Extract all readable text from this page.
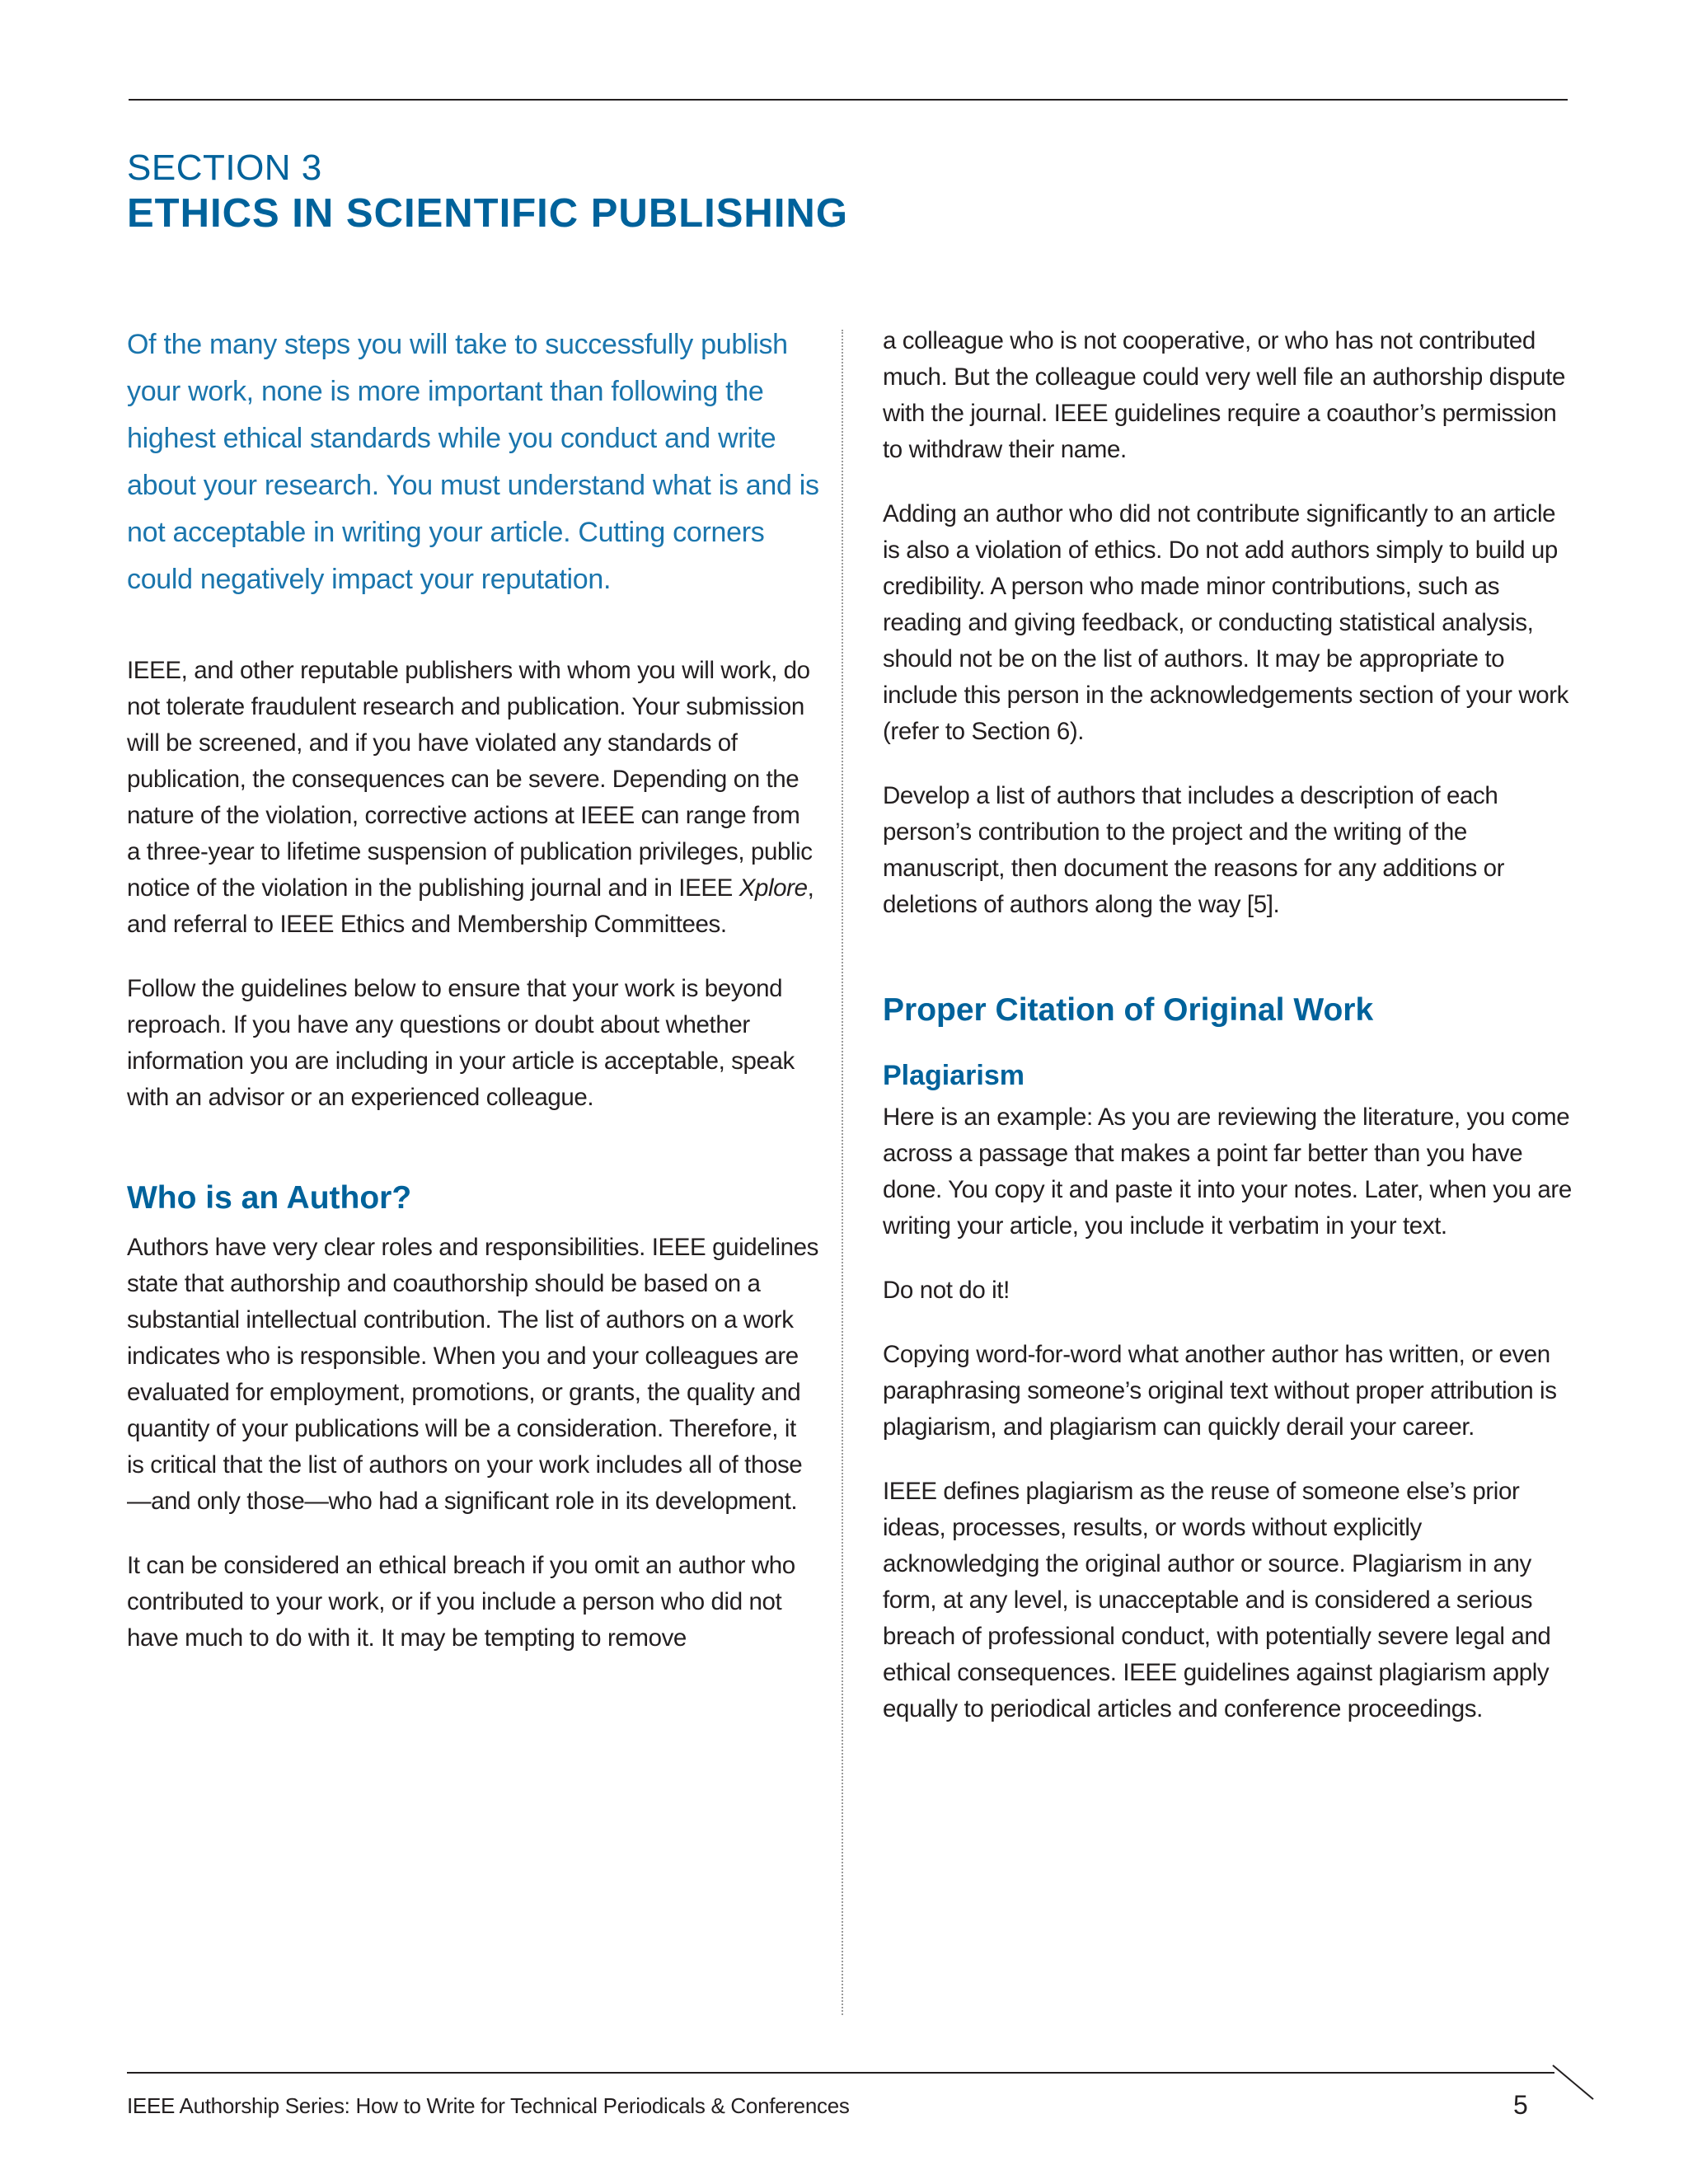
SECTION 3
ETHICS IN SCIENTIFIC PUBLISHING

Of the many steps you will take to successfully publish your work, none is more important than following the highest ethical standards while you conduct and write about your research. You must understand what is and is not acceptable in writing your article. Cutting corners could negatively impact your reputation.

IEEE, and other reputable publishers with whom you will work, do not tolerate fraudulent research and publication. Your submission will be screened, and if you have violated any standards of publication, the consequences can be severe. Depending on the nature of the violation, corrective actions at IEEE can range from a three-year to lifetime suspension of publication privileges, public notice of the violation in the publishing journal and in IEEE Xplore, and referral to IEEE Ethics and Membership Committees.

Follow the guidelines below to ensure that your work is beyond reproach. If you have any questions or doubt about whether information you are including in your article is acceptable, speak with an advisor or an experienced colleague.

Who is an Author?

Authors have very clear roles and responsibilities. IEEE guidelines state that authorship and coauthorship should be based on a substantial intellectual contribution. The list of authors on a work indicates who is responsible. When you and your colleagues are evaluated for employment, promotions, or grants, the quality and quantity of your publications will be a consideration. Therefore, it is critical that the list of authors on your work includes all of those—and only those—who had a significant role in its development.

It can be considered an ethical breach if you omit an author who contributed to your work, or if you include a person who did not have much to do with it. It may be tempting to remove

a colleague who is not cooperative, or who has not contributed much. But the colleague could very well file an authorship dispute with the journal. IEEE guidelines require a coauthor’s permission to withdraw their name.

Adding an author who did not contribute significantly to an article is also a violation of ethics. Do not add authors simply to build up credibility. A person who made minor contributions, such as reading and giving feedback, or conducting statistical analysis, should not be on the list of authors. It may be appropriate to include this person in the acknowledgements section of your work (refer to Section 6).

Develop a list of authors that includes a description of each person’s contribution to the project and the writing of the manuscript, then document the reasons for any additions or deletions of authors along the way [5].

Proper Citation of Original Work
Plagiarism

Here is an example: As you are reviewing the literature, you come across a passage that makes a point far better than you have done. You copy it and paste it into your notes. Later, when you are writing your article, you include it verbatim in your text.

Do not do it!

Copying word-for-word what another author has written, or even paraphrasing someone’s original text without proper attribution is plagiarism, and plagiarism can quickly derail your career.

IEEE defines plagiarism as the reuse of someone else’s prior ideas, processes, results, or words without explicitly acknowledging the original author or source. Plagiarism in any form, at any level, is unacceptable and is considered a serious breach of professional conduct, with potentially severe legal and ethical consequences. IEEE guidelines against plagiarism apply equally to periodical articles and conference proceedings.

IEEE Authorship Series: How to Write for Technical Periodicals & Conferences	5
